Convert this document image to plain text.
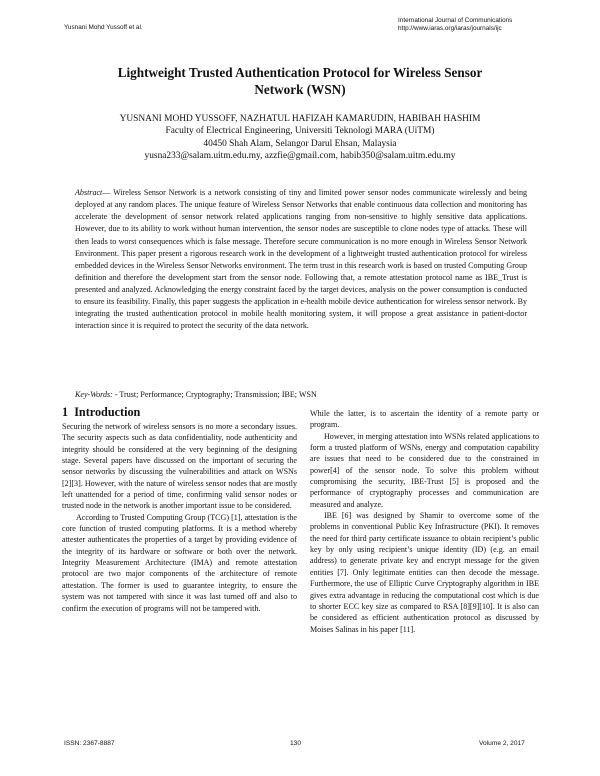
Yusnani Mohd Yussoff et al.
International Journal of Communications
http://www.iaras.org/iaras/journals/ijc
Lightweight Trusted Authentication Protocol for Wireless Sensor
Network (WSN)
YUSNANI MOHD YUSSOFF, NAZHATUL HAFIZAH KAMARUDIN, HABIBAH HASHIM
Faculty of Electrical Engineering, Universiti Teknologi MARA (UiTM)
40450 Shah Alam, Selangor Darul Ehsan, Malaysia
yusna233@salam.uitm.edu.my, azzfie@gmail.com, habib350@salam.uitm.edu.my
Abstract— Wireless Sensor Network is a network consisting of tiny and limited power sensor nodes communicate wirelessly and being deployed at any random places. The unique feature of Wireless Sensor Networks that enable continuous data collection and monitoring has accelerate the development of sensor network related applications ranging from non-sensitive to highly sensitive data applications. However, due to its ability to work without human intervention, the sensor nodes are susceptible to clone nodes type of attacks. These will then leads to worst consequences which is false message. Therefore secure communication is no more enough in Wireless Sensor Network Environment. This paper present a rigorous research work in the development of a lightweight trusted authentication protocol for wireless embedded devices in the Wireless Sensor Networks environment. The term trust in this research work is based on trusted Computing Group definition and therefore the development start from the sensor node. Following that, a remote attestation protocol name as IBE_Trust is presented and analyzed. Acknowledging the energy constraint faced by the target devices, analysis on the power consumption is conducted to ensure its feasibility. Finally, this paper suggests the application in e-health mobile device authentication for wireless sensor network. By integrating the trusted authentication protocol in mobile health monitoring system, it will propose a great assistance in patient-doctor interaction since it is required to protect the security of the data network.
Key-Words: - Trust; Performance; Cryptography; Transmission; IBE; WSN
1 Introduction

Securing the network of wireless sensors is no more a secondary issues. The security aspects such as data confidentiality, node authenticity and integrity should be considered at the very beginning of the designing stage. Several papers have discussed on the important of securing the sensor networks by discussing the vulnerabilities and attack on WSNs [2][3]. However, with the nature of wireless sensor nodes that are mostly left unattended for a period of time, confirming valid sensor nodes or trusted node in the network is another important issue to be considered.

According to Trusted Computing Group (TCG) [1], attestation is the core function of trusted computing platforms. It is a method whereby attester authenticates the properties of a target by providing evidence of the integrity of its hardware or software or both over the network. Integrity Measurement Architecture (IMA) and remote attestation protocol are two major components of the architecture of remote attestation. The former is used to guarantee integrity, to ensure the system was not tampered with since it was last turned off and also to confirm the execution of programs will not be tampered with.

While the latter, is to ascertain the identity of a remote party or program.

However, in merging attestation into WSNs related applications to form a trusted platform of WSNs, energy and computation capability are issues that need to be considered due to the constrained in power[4] of the sensor node. To solve this problem without compromising the security, IBE-Trust [5] is proposed and the performance of cryptography processes and communication are measured and analyze.

IBE [6] was designed by Shamir to overcome some of the problems in conventional Public Key Infrastructure (PKI). It removes the need for third party certificate issuance to obtain recipient’s public key by only using recipient’s unique identity (ID) (e.g. an email address) to generate private key and encrypt message for the given entities [7]. Only legitimate entities can then decode the message. Furthermore, the use of Elliptic Curve Cryptography algorithm in IBE gives extra advantage in reducing the computational cost which is due to shorter ECC key size as compared to RSA [8][9][10]. It is also can be considered as efficient authentication protocol as discussed by Moises Salinas in his paper [11].

ISSN: 2367-8887	130	Volume 2, 2017
